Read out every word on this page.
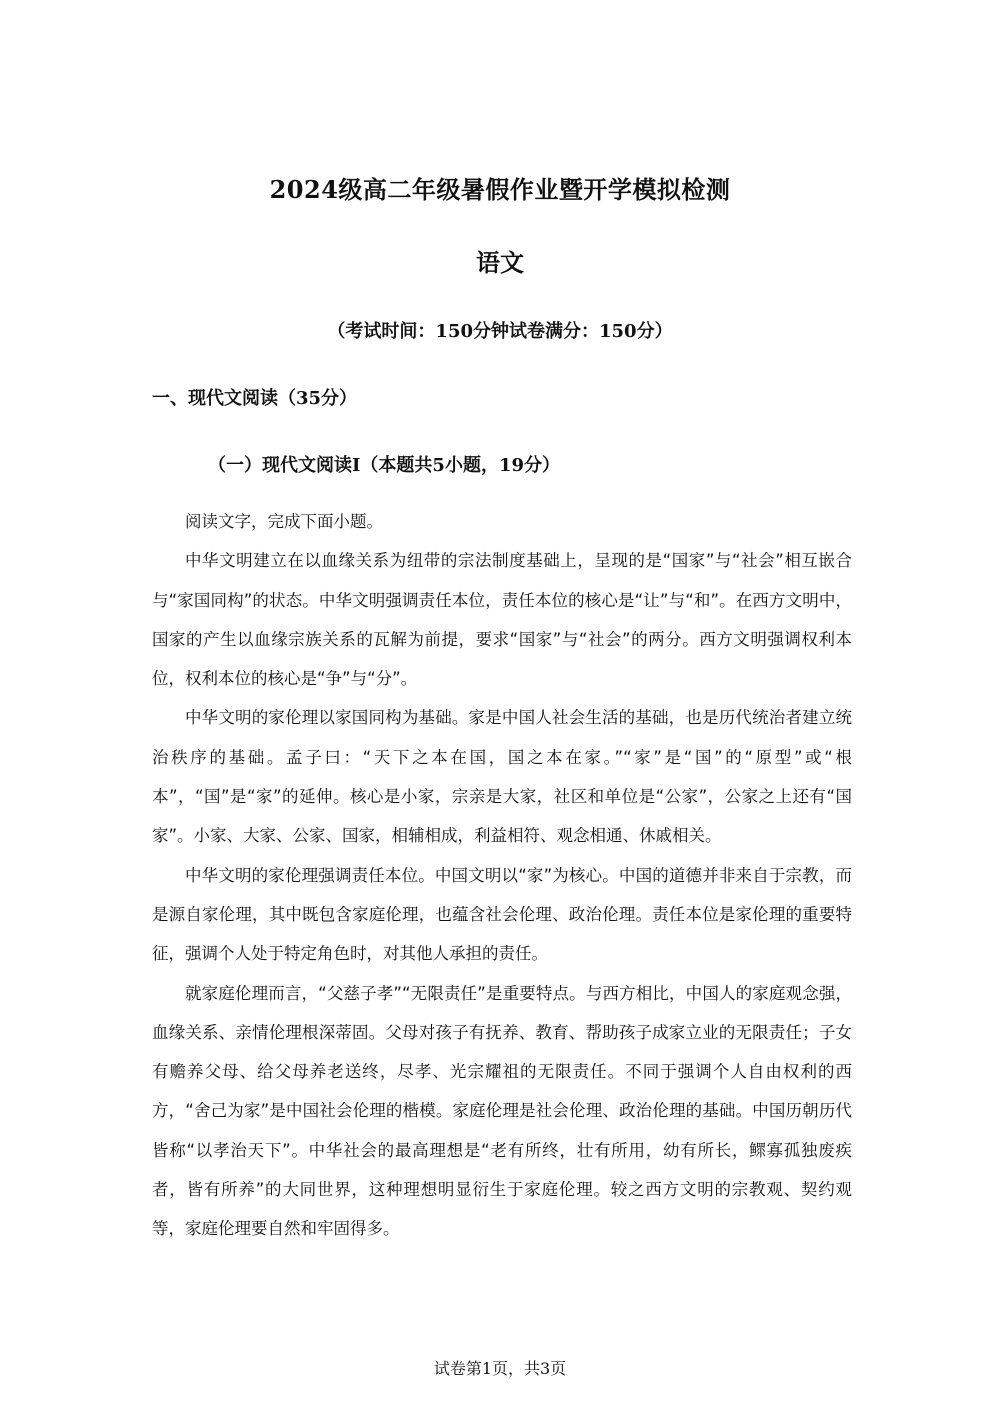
2024级高二年级暑假作业暨开学模拟检测
语文
（考试时间：150分钟试卷满分：150分）
一、现代文阅读（35分）
（一）现代文阅读I（本题共5小题，19分）

阅读文字，完成下面小题。

中华文明建立在以血缘关系为纽带的宗法制度基础上，呈现的是“国家”与“社会”相互嵌合与“家国同构”的状态。中华文明强调责任本位，责任本位的核心是“让”与“和”。在西方文明中，国家的产生以血缘宗族关系的瓦解为前提，要求“国家”与“社会”的两分。西方文明强调权利本位，权利本位的核心是“争”与“分”。

中华文明的家伦理以家国同构为基础。家是中国人社会生活的基础，也是历代统治者建立统治秩序的基础。孟子曰：“天下之本在国，国之本在家。”“家”是“国”的“原型”或“根本”，“国”是“家”的延伸。核心是小家，宗亲是大家，社区和单位是“公家”，公家之上还有“国家”。小家、大家、公家、国家，相辅相成，利益相符、观念相通、休戚相关。

中华文明的家伦理强调责任本位。中国文明以“家”为核心。中国的道德并非来自于宗教，而是源自家伦理，其中既包含家庭伦理，也蕴含社会伦理、政治伦理。责任本位是家伦理的重要特征，强调个人处于特定角色时，对其他人承担的责任。

就家庭伦理而言，“父慈子孝”“无限责任”是重要特点。与西方相比，中国人的家庭观念强，血缘关系、亲情伦理根深蒂固。父母对孩子有抚养、教育、帮助孩子成家立业的无限责任；子女有赡养父母、给父母养老送终，尽孝、光宗耀祖的无限责任。不同于强调个人自由权利的西方，“舍己为家”是中国社会伦理的楷模。家庭伦理是社会伦理、政治伦理的基础。中国历朝历代皆称“以孝治天下”。中华社会的最高理想是“老有所终，壮有所用，幼有所长，鳏寡孤独废疾者，皆有所养”的大同世界，这种理想明显衍生于家庭伦理。较之西方文明的宗教观、契约观等，家庭伦理要自然和牢固得多。

试卷第1页，共3页
